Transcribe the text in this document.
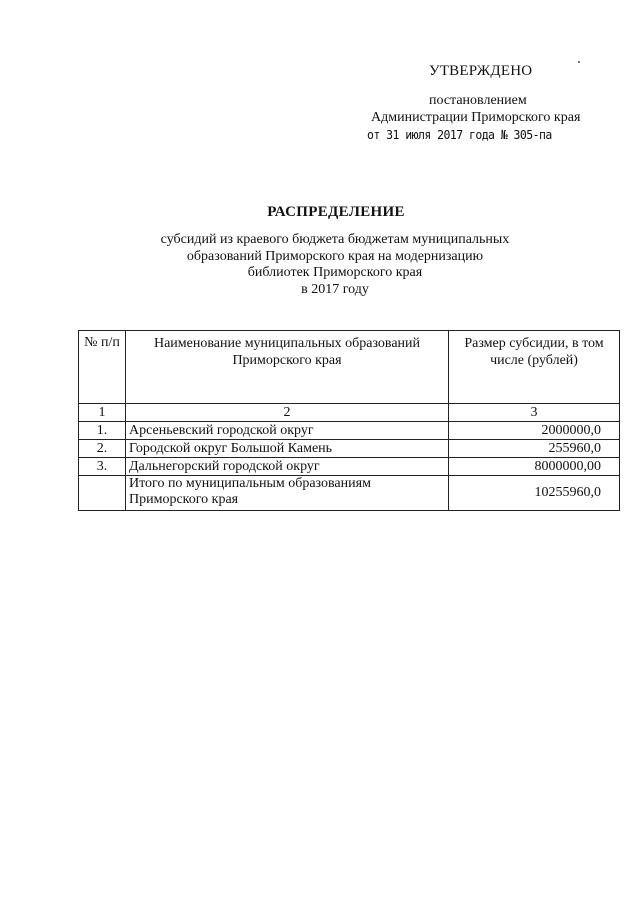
УТВЕРЖДЕНО
постановлением
Администрации Приморского края
от 31 июля 2017 года № 305-па
РАСПРЕДЕЛЕНИЕ
субсидий из краевого бюджета бюджетам муниципальных
образований Приморского края на модернизацию
библиотек Приморского края
в 2017 году
№ п/п	Наименование муниципальных образований Приморского края	Размер субсидии, в том числе (рублей)
1	2	3
1.	Арсеньевский городской округ	2000000,0
2.	Городской округ Большой Камень	255960,0
3.	Дальнегорский городской округ	8000000,00
	Итого по муниципальным образованиям Приморского края	10255960,0
